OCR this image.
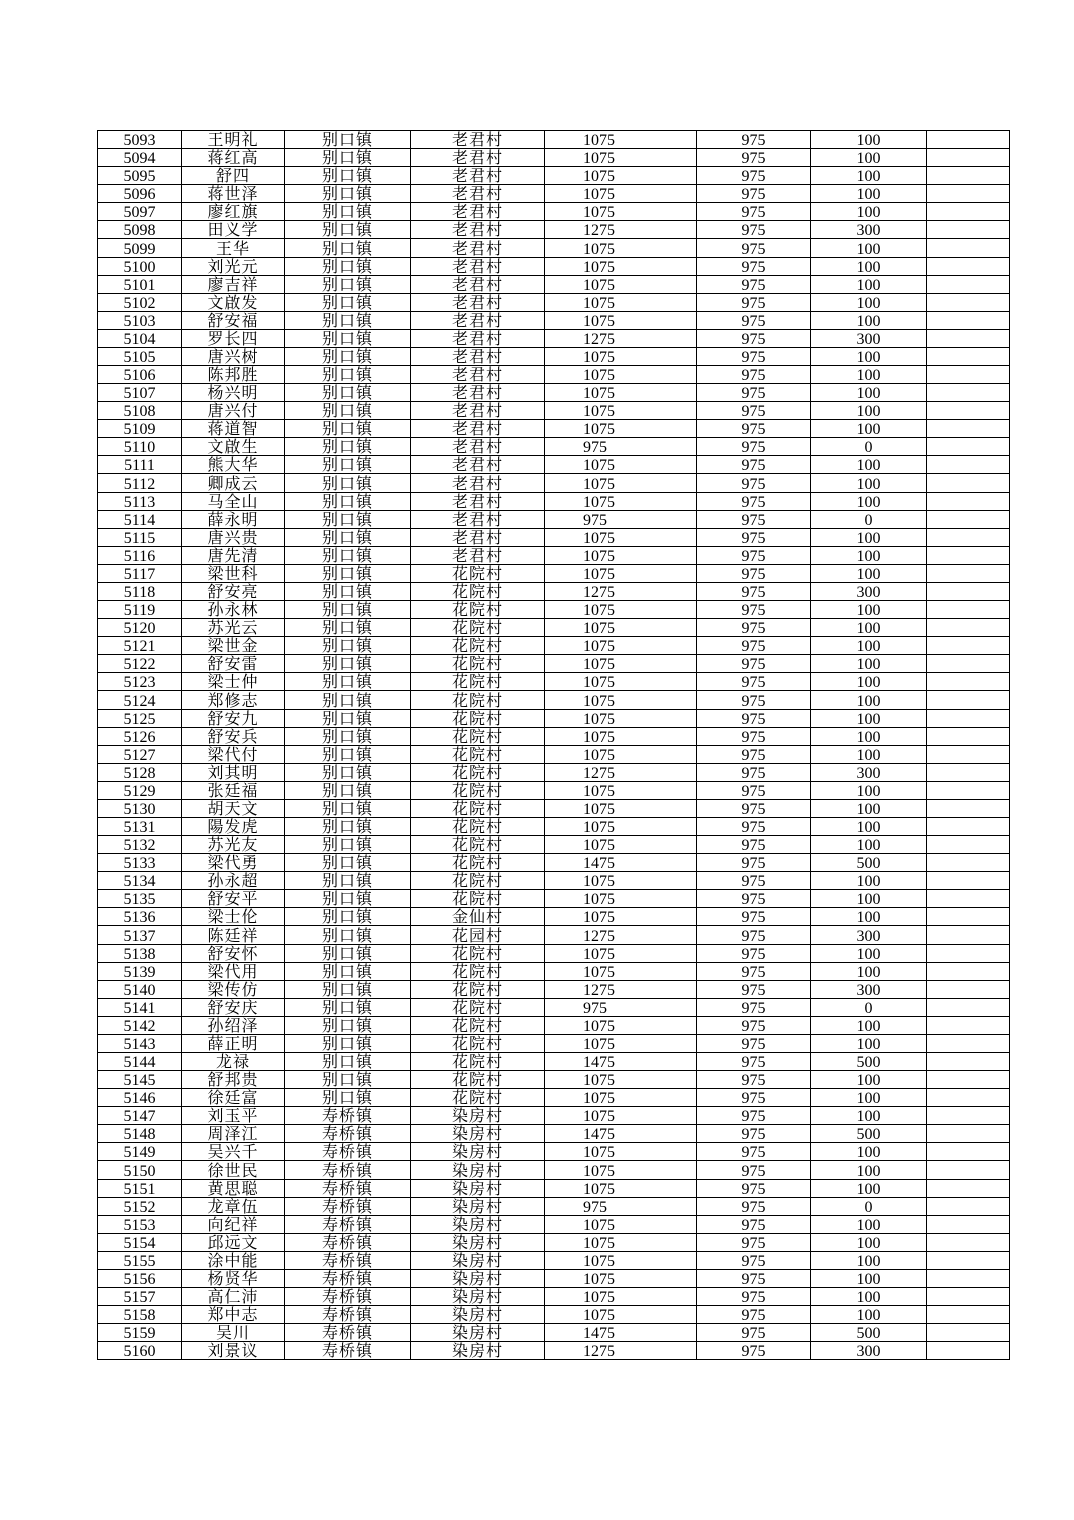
5093	王明礼	别口镇	老君村	1075	975	100	
5094	蒋红高	别口镇	老君村	1075	975	100	
5095	舒四	别口镇	老君村	1075	975	100	
5096	蒋世泽	别口镇	老君村	1075	975	100	
5097	廖红旗	别口镇	老君村	1075	975	100	
5098	田义学	别口镇	老君村	1275	975	300	
5099	王华	别口镇	老君村	1075	975	100	
5100	刘光元	别口镇	老君村	1075	975	100	
5101	廖吉祥	别口镇	老君村	1075	975	100	
5102	文啟发	别口镇	老君村	1075	975	100	
5103	舒安福	别口镇	老君村	1075	975	100	
5104	罗长四	别口镇	老君村	1275	975	300	
5105	唐兴树	别口镇	老君村	1075	975	100	
5106	陈邦胜	别口镇	老君村	1075	975	100	
5107	杨兴明	别口镇	老君村	1075	975	100	
5108	唐兴付	别口镇	老君村	1075	975	100	
5109	蒋道智	别口镇	老君村	1075	975	100	
5110	文啟生	别口镇	老君村	975	975	0	
5111	熊大华	别口镇	老君村	1075	975	100	
5112	卿成云	别口镇	老君村	1075	975	100	
5113	马全山	别口镇	老君村	1075	975	100	
5114	薛永明	别口镇	老君村	975	975	0	
5115	唐兴贵	别口镇	老君村	1075	975	100	
5116	唐先清	别口镇	老君村	1075	975	100	
5117	梁世科	别口镇	花院村	1075	975	100	
5118	舒安亮	别口镇	花院村	1275	975	300	
5119	孙永林	别口镇	花院村	1075	975	100	
5120	苏光云	别口镇	花院村	1075	975	100	
5121	梁世金	别口镇	花院村	1075	975	100	
5122	舒安雷	别口镇	花院村	1075	975	100	
5123	梁士仲	别口镇	花院村	1075	975	100	
5124	郑修志	别口镇	花院村	1075	975	100	
5125	舒安九	别口镇	花院村	1075	975	100	
5126	舒安兵	别口镇	花院村	1075	975	100	
5127	梁代付	别口镇	花院村	1075	975	100	
5128	刘其明	别口镇	花院村	1275	975	300	
5129	张廷福	别口镇	花院村	1075	975	100	
5130	胡天文	别口镇	花院村	1075	975	100	
5131	陽发虎	别口镇	花院村	1075	975	100	
5132	苏光友	别口镇	花院村	1075	975	100	
5133	梁代勇	别口镇	花院村	1475	975	500	
5134	孙永超	别口镇	花院村	1075	975	100	
5135	舒安平	别口镇	花院村	1075	975	100	
5136	梁士伦	别口镇	金仙村	1075	975	100	
5137	陈廷祥	别口镇	花园村	1275	975	300	
5138	舒安怀	别口镇	花院村	1075	975	100	
5139	梁代用	别口镇	花院村	1075	975	100	
5140	梁传仿	别口镇	花院村	1275	975	300	
5141	舒安庆	别口镇	花院村	975	975	0	
5142	孙绍泽	别口镇	花院村	1075	975	100	
5143	薛正明	别口镇	花院村	1075	975	100	
5144	龙禄	别口镇	花院村	1475	975	500	
5145	舒邦贵	别口镇	花院村	1075	975	100	
5146	徐廷富	别口镇	花院村	1075	975	100	
5147	刘玉平	寿桥镇	染房村	1075	975	100	
5148	周泽江	寿桥镇	染房村	1475	975	500	
5149	吴兴千	寿桥镇	染房村	1075	975	100	
5150	徐世民	寿桥镇	染房村	1075	975	100	
5151	黄思聪	寿桥镇	染房村	1075	975	100	
5152	龙章伍	寿桥镇	染房村	975	975	0	
5153	向纪祥	寿桥镇	染房村	1075	975	100	
5154	邱远文	寿桥镇	染房村	1075	975	100	
5155	涂中能	寿桥镇	染房村	1075	975	100	
5156	杨贤华	寿桥镇	染房村	1075	975	100	
5157	高仁沛	寿桥镇	染房村	1075	975	100	
5158	郑中志	寿桥镇	染房村	1075	975	100	
5159	吴川	寿桥镇	染房村	1475	975	500	
5160	刘景议	寿桥镇	染房村	1275	975	300	
